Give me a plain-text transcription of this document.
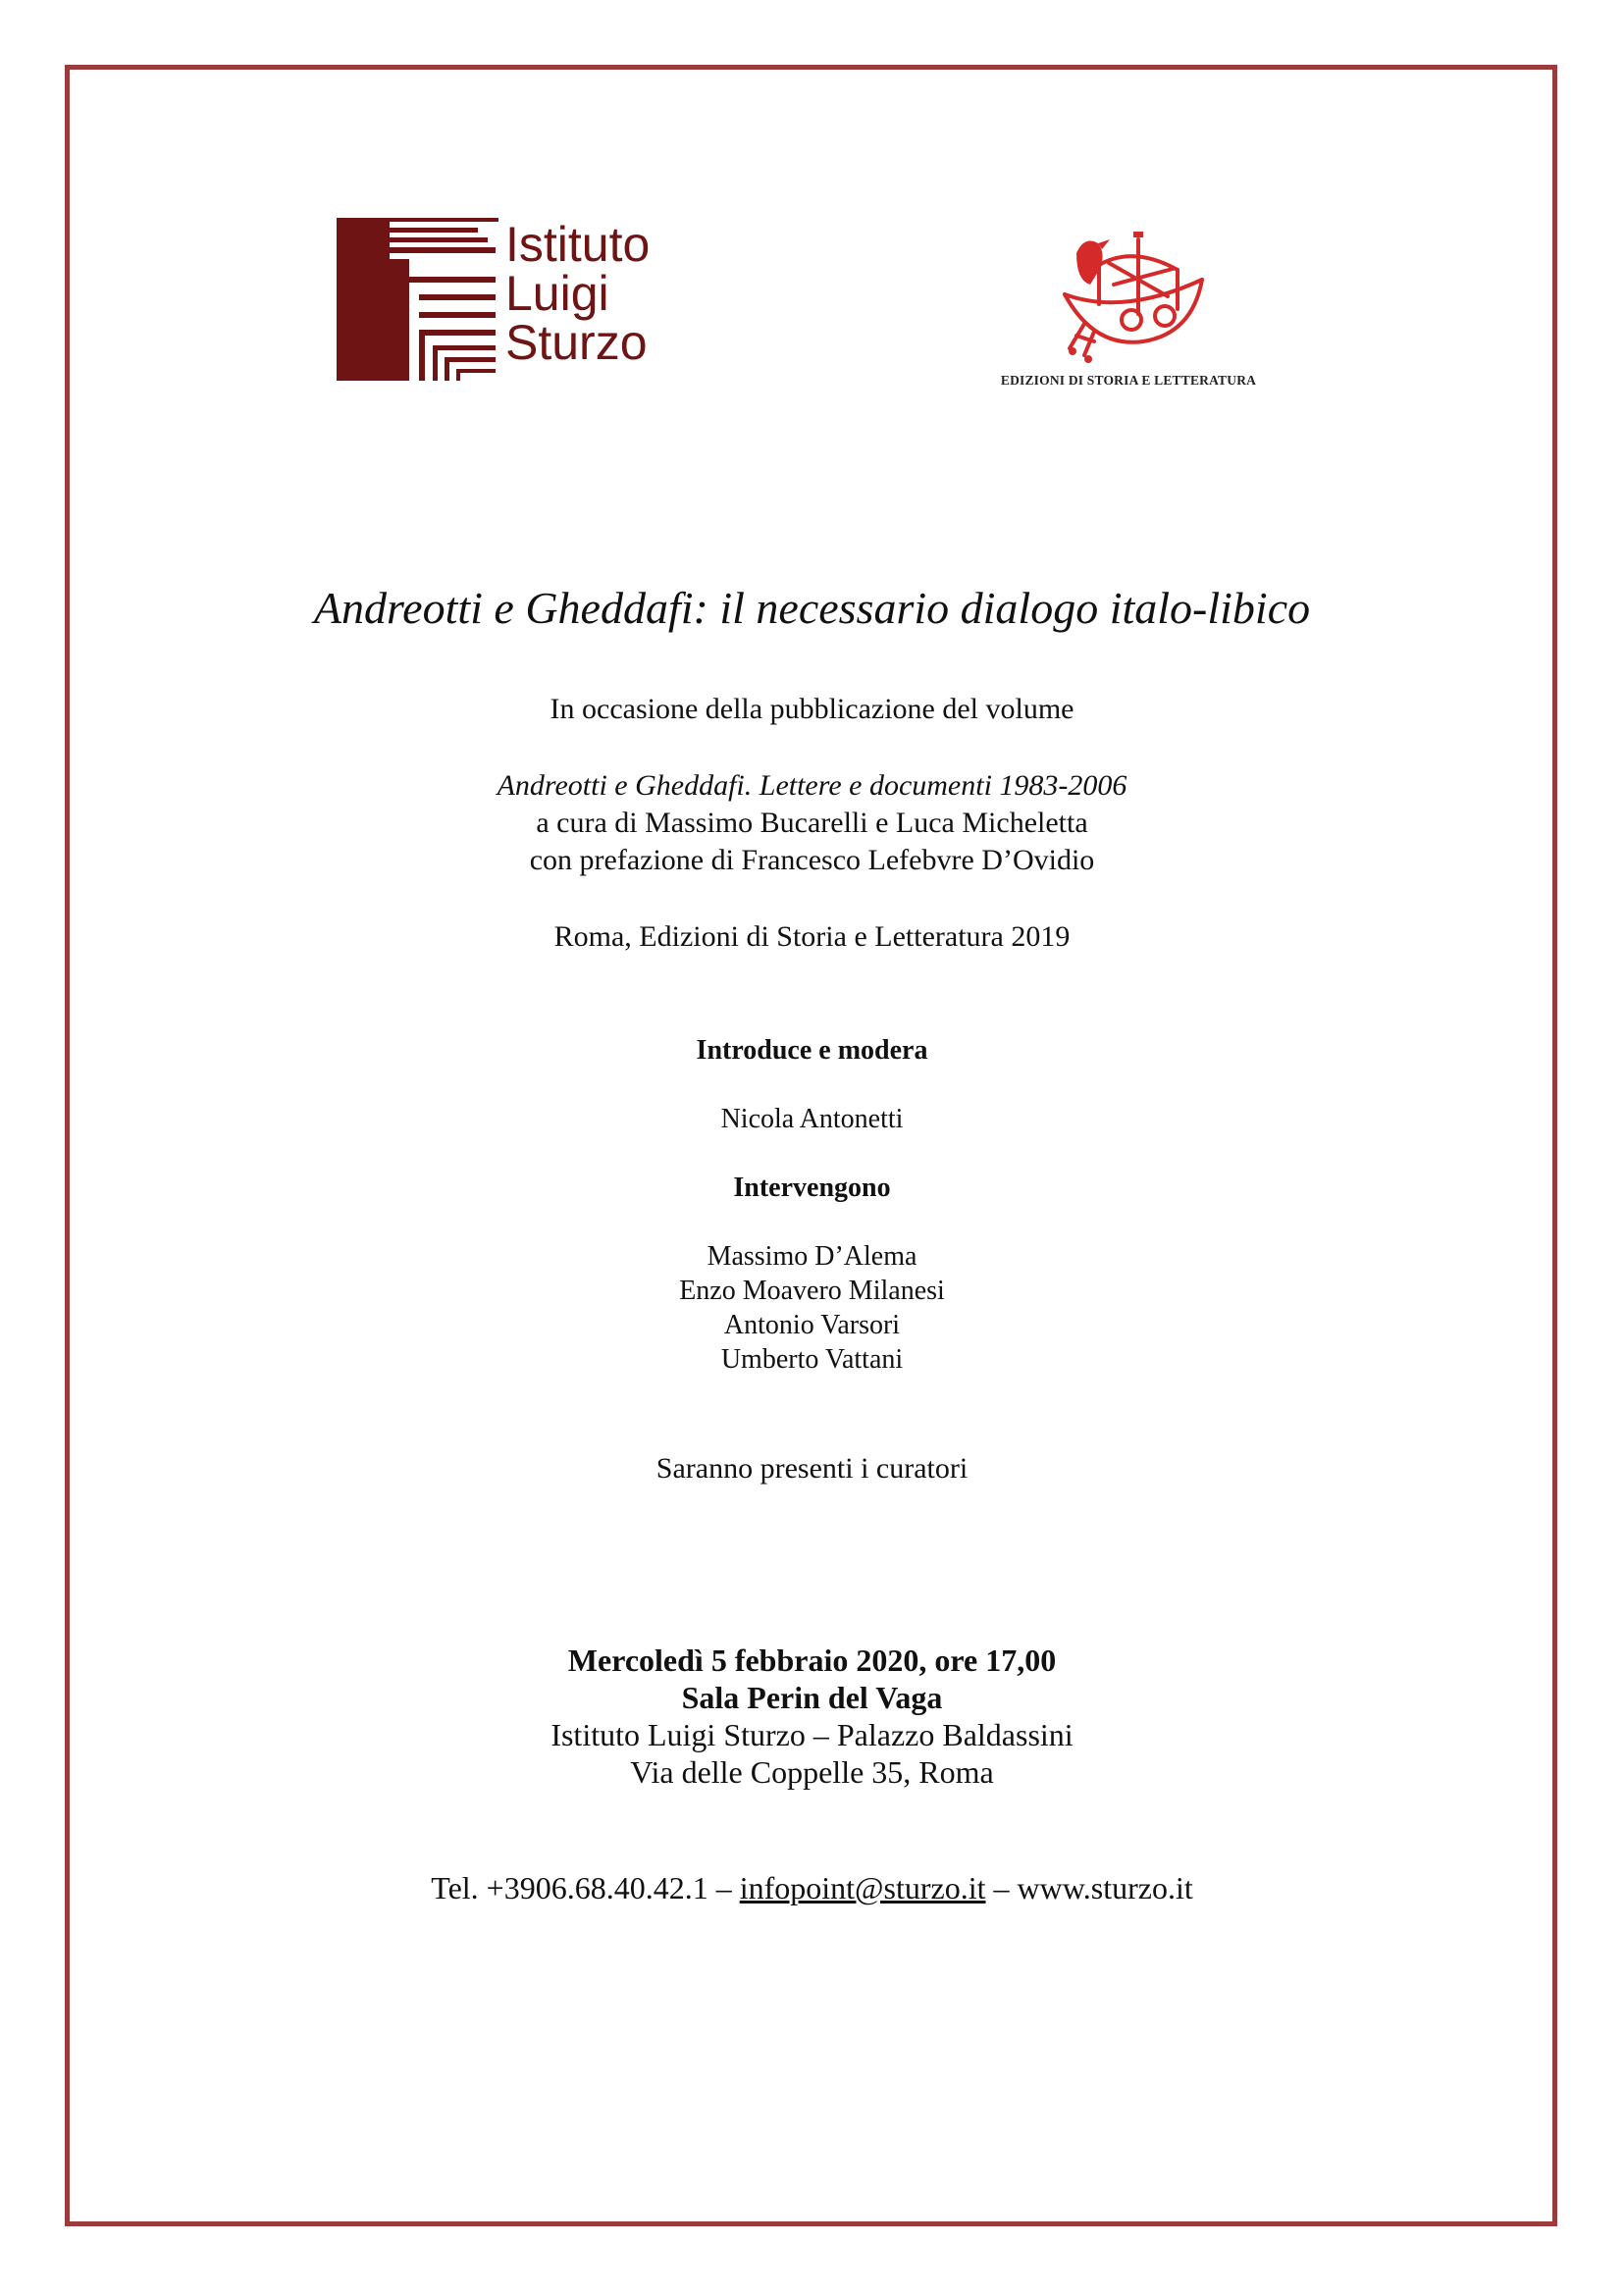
Istituto
Luigi
Sturzo
EDIZIONI DI STORIA E LETTERATURA
Andreotti e Gheddafi: il necessario dialogo italo-libico
In occasione della pubblicazione del volume
Andreotti e Gheddafi. Lettere e documenti 1983-2006
a cura di Massimo Bucarelli e Luca Micheletta
con prefazione di Francesco Lefebvre D’Ovidio
Roma, Edizioni di Storia e Letteratura 2019
Introduce e modera
Nicola Antonetti
Intervengono
Massimo D’Alema
Enzo Moavero Milanesi
Antonio Varsori
Umberto Vattani
Saranno presenti i curatori
Mercoledì 5 febbraio 2020, ore 17,00
Sala Perin del Vaga
Istituto Luigi Sturzo – Palazzo Baldassini
Via delle Coppelle 35, Roma
Tel. +3906.68.40.42.1 – infopoint@sturzo.it – www.sturzo.it
